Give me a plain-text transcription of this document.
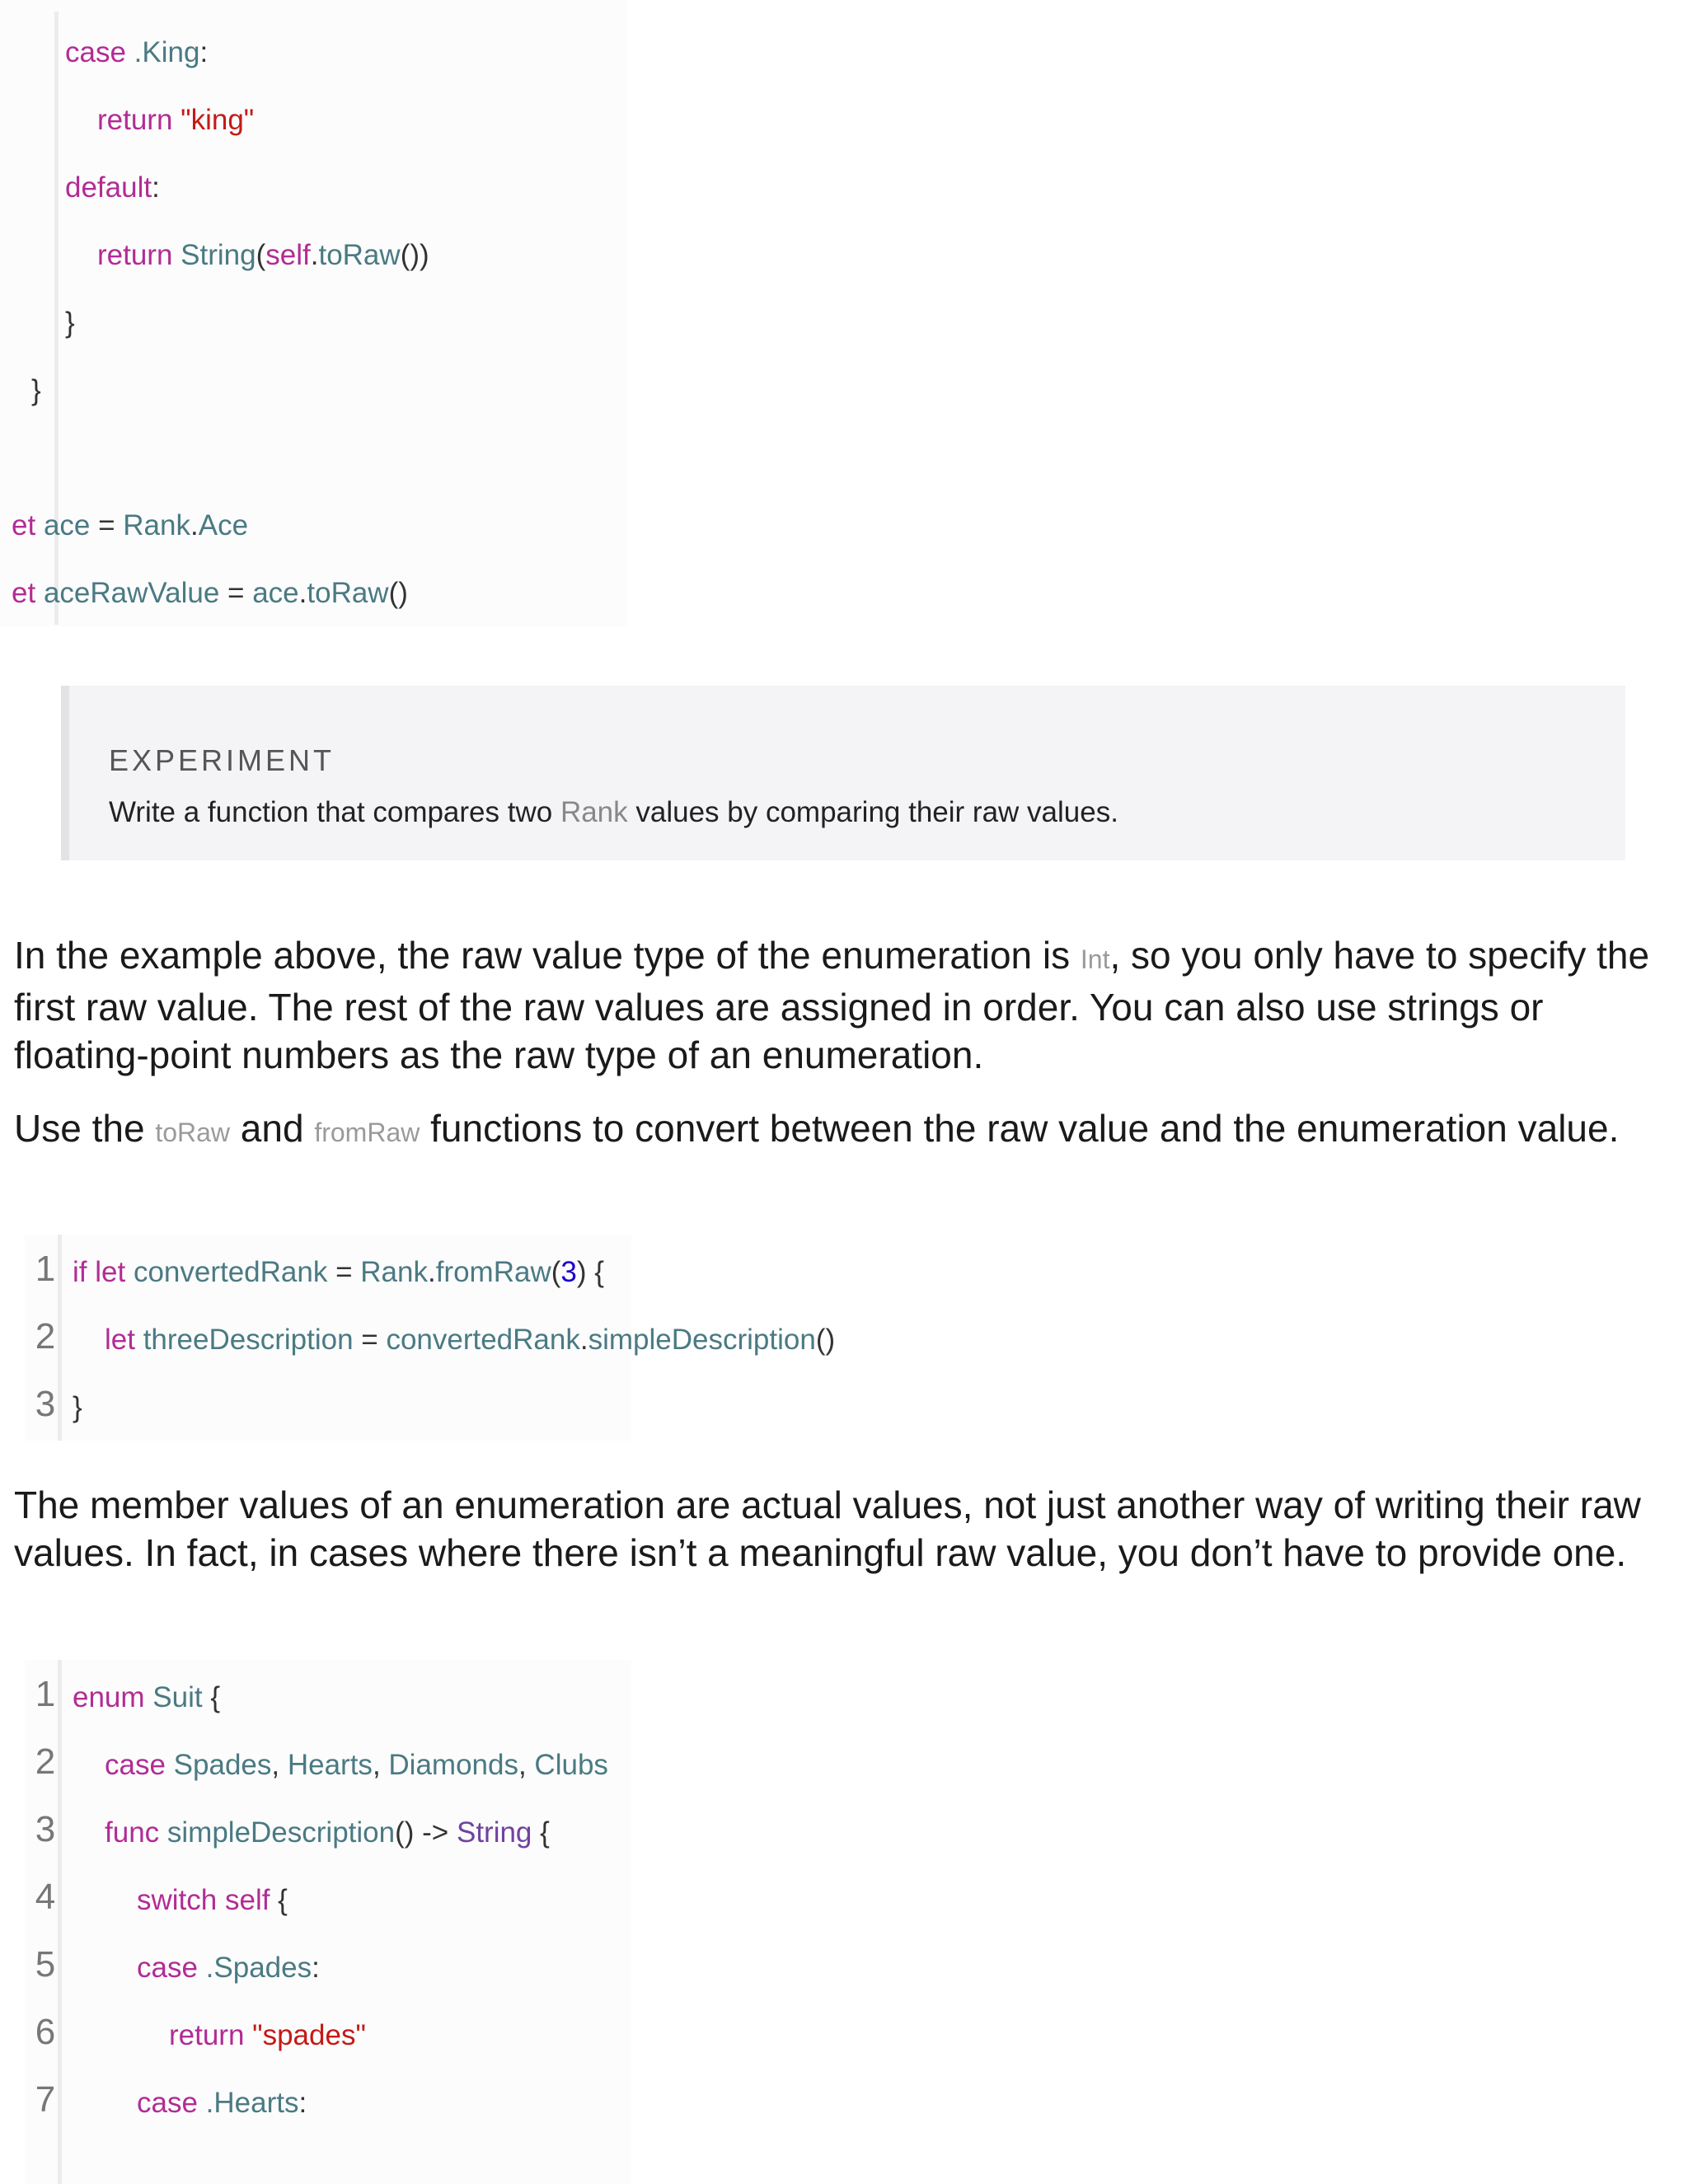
case .King:
return "king"
default:
return String(self.toRaw())
}
}
et ace = Rank.Ace
et aceRawValue = ace.toRaw()
EXPERIMENT
Write a function that compares two Rank values by comparing their raw values.
In the example above, the raw value type of the enumeration is Int, so you only have to specify the first raw value. The rest of the raw values are assigned in order. You can also use strings or floating-point numbers as the raw type of an enumeration.
Use the toRaw and fromRaw functions to convert between the raw value and the enumeration value.
1
2
3
if let convertedRank = Rank.fromRaw(3) {
let threeDescription = convertedRank.simpleDescription()
}
The member values of an enumeration are actual values, not just another way of writing their raw values. In fact, in cases where there isn’t a meaningful raw value, you don’t have to provide one.
1
2
3
4
5
6
7
enum Suit {
case Spades, Hearts, Diamonds, Clubs
func simpleDescription() -> String {
switch self {
case .Spades:
return "spades"
case .Hearts:
